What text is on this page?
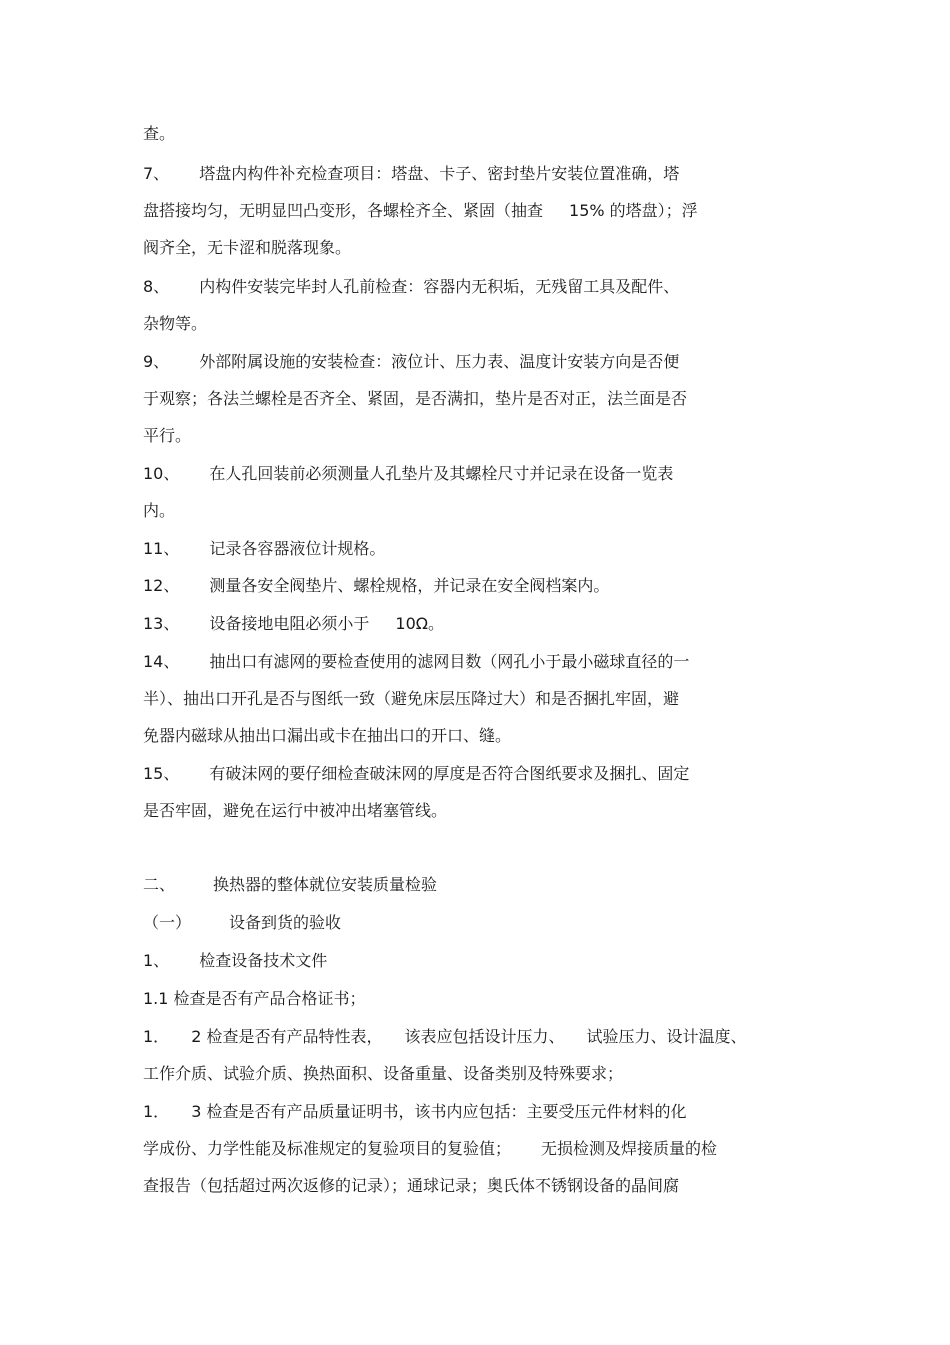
查。
7、 塔盘内构件补充检查项目：塔盘、卡子、密封垫片安装位置准确，塔
盘搭接均匀，无明显凹凸变形，各螺栓齐全、紧固（抽查 15% 的塔盘）；浮
阀齐全，无卡涩和脱落现象。
8、 内构件安装完毕封人孔前检查：容器内无积垢，无残留工具及配件、
杂物等。
9、 外部附属设施的安装检查：液位计、压力表、温度计安装方向是否便
于观察；各法兰螺栓是否齐全、紧固，是否满扣，垫片是否对正，法兰面是否
平行。
10、 在人孔回装前必须测量人孔垫片及其螺栓尺寸并记录在设备一览表
内。
11、 记录各容器液位计规格。
12、 测量各安全阀垫片、螺栓规格，并记录在安全阀档案内。
13、 设备接地电阻必须小于 10Ω。
14、 抽出口有滤网的要检查使用的滤网目数（网孔小于最小磁球直径的一
半）、抽出口开孔是否与图纸一致（避免床层压降过大）和是否捆扎牢固，避
免器内磁球从抽出口漏出或卡在抽出口的开口、缝。
15、 有破沫网的要仔细检查破沫网的厚度是否符合图纸要求及捆扎、固定
是否牢固，避免在运行中被冲出堵塞管线。
二、 换热器的整体就位安装质量检验
（一） 设备到货的验收
1、 检查设备技术文件
1.1 检查是否有产品合格证书；
1． 2 检查是否有产品特性表， 该表应包括设计压力、 试验压力、设计温度、
工作介质、试验介质、换热面积、设备重量、设备类别及特殊要求；
1． 3 检查是否有产品质量证明书，该书内应包括：主要受压元件材料的化
学成份、力学性能及标准规定的复验项目的复验值； 无损检测及焊接质量的检
查报告（包括超过两次返修的记录）；通球记录；奥氏体不锈钢设备的晶间腐
